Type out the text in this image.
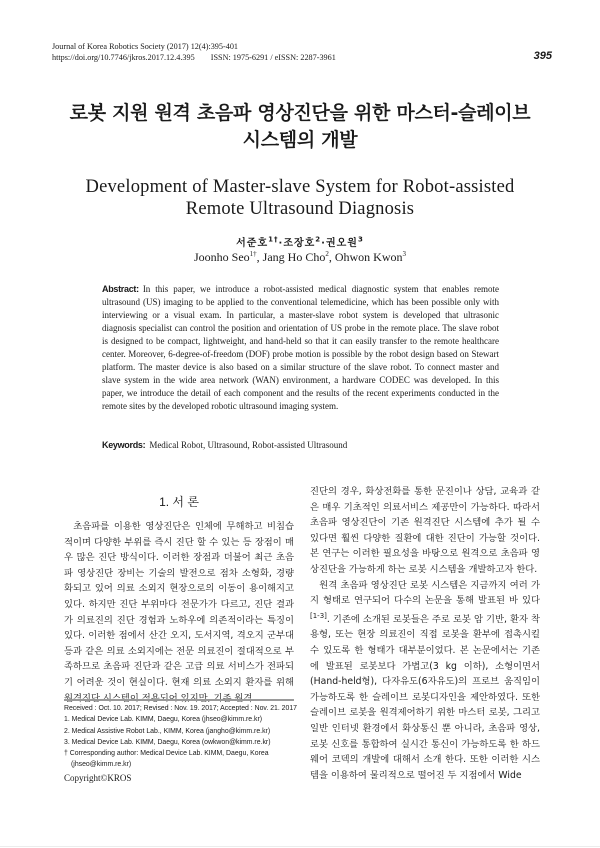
Journal of Korea Robotics Society (2017) 12(4):395-401
https://doi.org/10.7746/jkros.2017.12.4.395 ISSN: 1975-6291 / eISSN: 2287-3961	395
로봇 지원 원격 초음파 영상진단을 위한 마스터-슬레이브
시스템의 개발
Development of Master-slave System for Robot-assisted
Remote Ultrasound Diagnosis
서준호$^{1\dagger}$·조장호$^2$·권오원$^3$
Joonho Seo$^{1\dagger}$, Jang Ho Cho$^2$, Ohwon Kwon$^3$
Abstract: In this paper, we introduce a robot-assisted medical diagnostic system that enables remote ultrasound (US) imaging to be applied to the conventional telemedicine, which has been possible only with interviewing or a visual exam. In particular, a master-slave robot system is developed that ultrasonic diagnosis specialist can control the position and orientation of US probe in the remote place. The slave robot is designed to be compact, lightweight, and hand-held so that it can easily transfer to the remote healthcare center. Moreover, 6-degree-of-freedom (DOF) probe motion is possible by the robot design based on Stewart platform. The master device is also based on a similar structure of the slave robot. To connect master and slave system in the wide area network (WAN) environment, a hardware CODEC was developed. In this paper, we introduce the detail of each component and the results of the recent experiments conducted in the remote sites by the developed robotic ultrasound imaging system.
Keywords: Medical Robot, Ultrasound, Robot-assisted Ultrasound
1. 서 론

초음파를 이용한 영상진단은 인체에 무해하고 비침습적이며 다양한 부위를 즉시 진단 할 수 있는 등 장점이 매우 많은 진단 방식이다. 이러한 장점과 더불어 최근 초음파 영상진단 장비는 기술의 발전으로 점차 소형화, 경량화되고 있어 의료 소외지 현장으로의 이동이 용이해지고 있다. 하지만 진단 부위마다 전문가가 다르고, 진단 결과가 의료진의 진단 경험과 노하우에 의존적이라는 특징이 있다. 이러한 점에서 산간 오지, 도서지역, 격오지 군부대 등과 같은 의료 소외지에는 전문 의료진이 절대적으로 부족하므로 초음파 진단과 같은 고급 의료 서비스가 전파되기 어려운 것이 현실이다. 현재 의료 소외지 환자를 위해

진단의 경우, 화상전화를 통한 문진이나 상담, 교육과 같은 매우 기초적인 의료서비스 제공만이 가능하다. 따라서 초음파 영상진단이 기존 원격진단 시스템에 추가 될 수 있다면 훨씬 다양한 질환에 대한 진단이 가능할 것이다. 본 연구는 이러한 필요성을 바탕으로 원격으로 초음파 영상진단을 가능하게 하는 로봇 시스템을 개발하고자 한다.

원격 초음파 영상진단 로봇 시스템은 지금까지 여러 가지 형태로 연구되어 다수의 논문을 통해 발표된 바 있다[1-3]. 기존에 소개된 로봇들은 주로 로봇 암 기반, 환자 착용형, 또는 현장 의료진이 직접 로봇을 환부에 접촉시킬 수 있도록 한 형태가 대부분이었다. 본 논문에서는 기존에 발표된 로봇보다 가볍고(3 kg 이하), 소형이면서(Hand-held형), 다자유도(6자유도)의 프로브 움직임이 가능하도록 한 슬레이브 로봇디자인을 제안하였다. 또한 슬레이브 로봇을 원격제어하기 위한 마스터 로봇, 그리고 일반 인터넷 환경에서 화상통신 뿐 아니라, 초음파 영상, 로봇 신호를 통합하여 실시간 통신이 가능하도록 한 하드웨어 코덱의 개발에 대해서 소개 한다. 또한 이러한 시스템을 이용하여 물리적으로 떨어진 두 지점에서 Wide

Received : Oct. 10. 2017; Revised : Nov. 19. 2017; Accepted : Nov. 21. 2017
1. Medical Device Lab. KIMM, Daegu, Korea (jhseo@kimm.re.kr)
2. Medical Assistive Robot Lab., KIMM, Korea (jangho@kimm.re.kr)
3. Medical Device Lab. KIMM, Daegu, Korea (owkwon@kimm.re.kr)
† Corresponding author: Medical Device Lab. KIMM, Daegu, Korea (jhseo@kimm.re.kr)
Copyright©KROS
